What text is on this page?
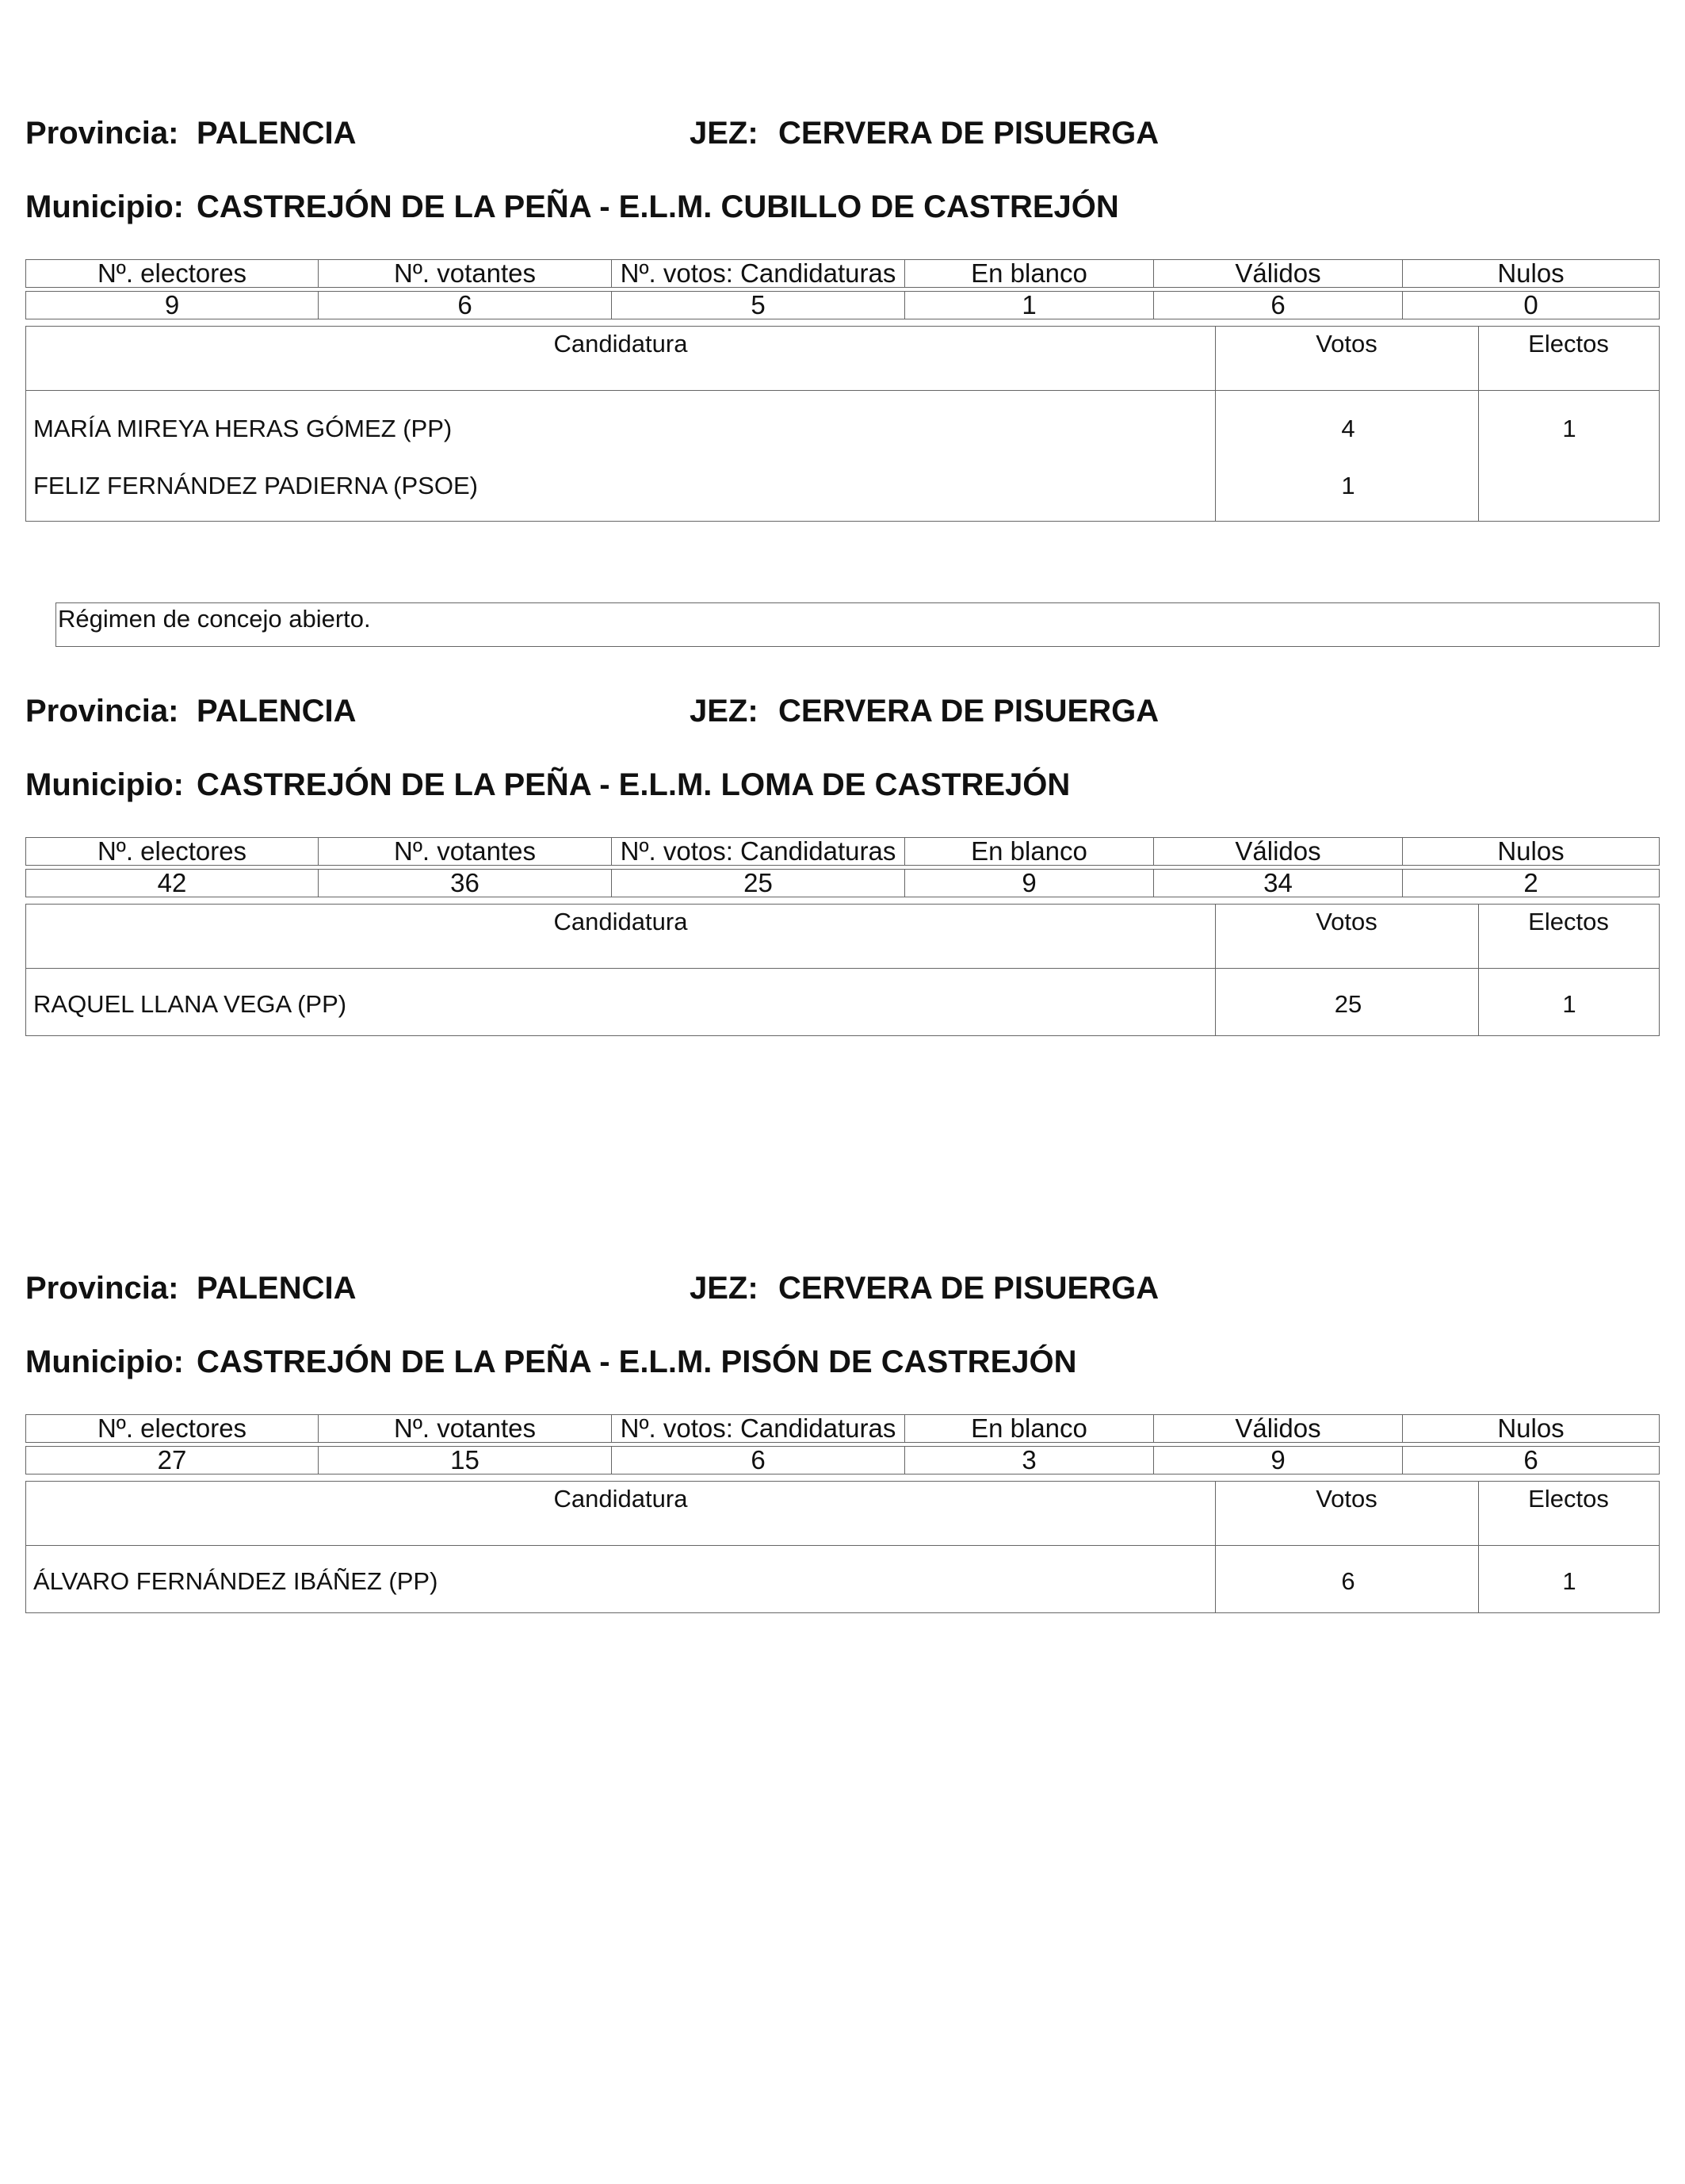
Provincia: PALENCIA	JEZ: CERVERA DE PISUERGA
Municipio: CASTREJÓN DE LA PEÑA - E.L.M. CUBILLO DE CASTREJÓN
Nº. electores	Nº. votantes	Nº. votos: Candidaturas	En blanco	Válidos	Nulos
9	6	5	1	6	0
Candidatura	Votos	Electos
MARÍA MIREYA HERAS GÓMEZ (PP)	4	1
FELIZ FERNÁNDEZ PADIERNA (PSOE)	1
Régimen de concejo abierto.
Provincia: PALENCIA	JEZ: CERVERA DE PISUERGA
Municipio: CASTREJÓN DE LA PEÑA - E.L.M. LOMA DE CASTREJÓN
Nº. electores	Nº. votantes	Nº. votos: Candidaturas	En blanco	Válidos	Nulos
42	36	25	9	34	2
Candidatura	Votos	Electos
RAQUEL LLANA VEGA (PP)	25	1
Provincia: PALENCIA	JEZ: CERVERA DE PISUERGA
Municipio: CASTREJÓN DE LA PEÑA - E.L.M. PISÓN DE CASTREJÓN
Nº. electores	Nº. votantes	Nº. votos: Candidaturas	En blanco	Válidos	Nulos
27	15	6	3	9	6
Candidatura	Votos	Electos
ÁLVARO FERNÁNDEZ IBÁÑEZ (PP)	6	1
